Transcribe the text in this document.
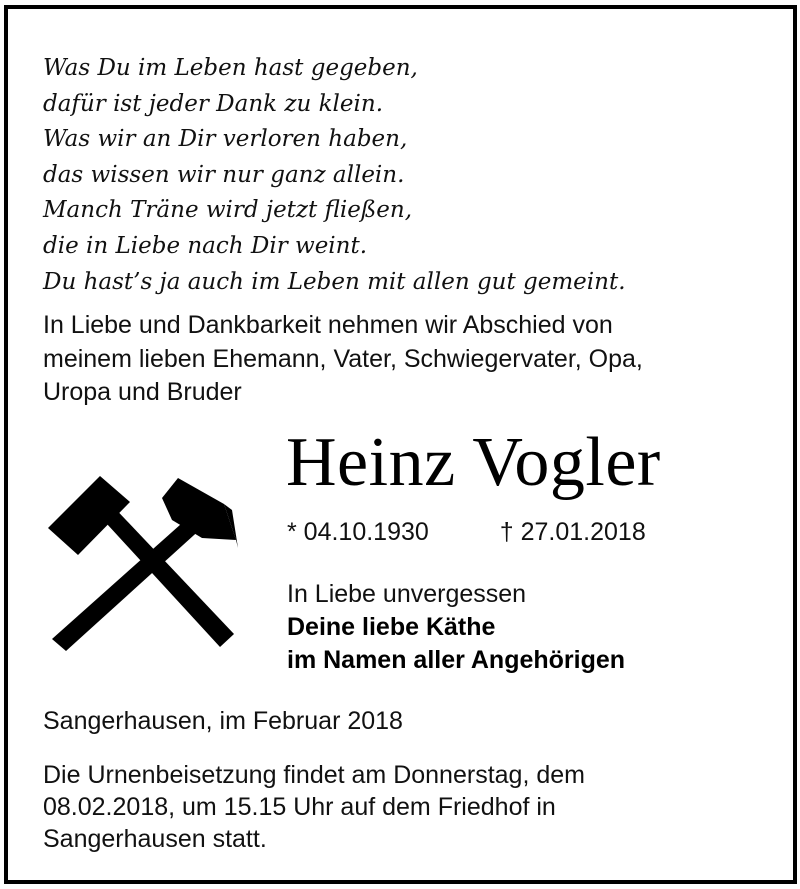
Was Du im Leben hast gegeben,
dafür ist jeder Dank zu klein.
Was wir an Dir verloren haben,
das wissen wir nur ganz allein.
Manch Träne wird jetzt fließen,
die in Liebe nach Dir weint.
Du hast’s ja auch im Leben mit allen gut gemeint.
In Liebe und Dankbarkeit nehmen wir Abschied von
meinem lieben Ehemann, Vater, Schwiegervater, Opa,
Uropa und Bruder
Heinz Vogler
* 04.10.1930	† 27.01.2018
In Liebe unvergessen
Deine liebe Käthe
im Namen aller Angehörigen
Sangerhausen, im Februar 2018
Die Urnenbeisetzung findet am Donnerstag, dem
08.02.2018, um 15.15 Uhr auf dem Friedhof in
Sangerhausen statt.
